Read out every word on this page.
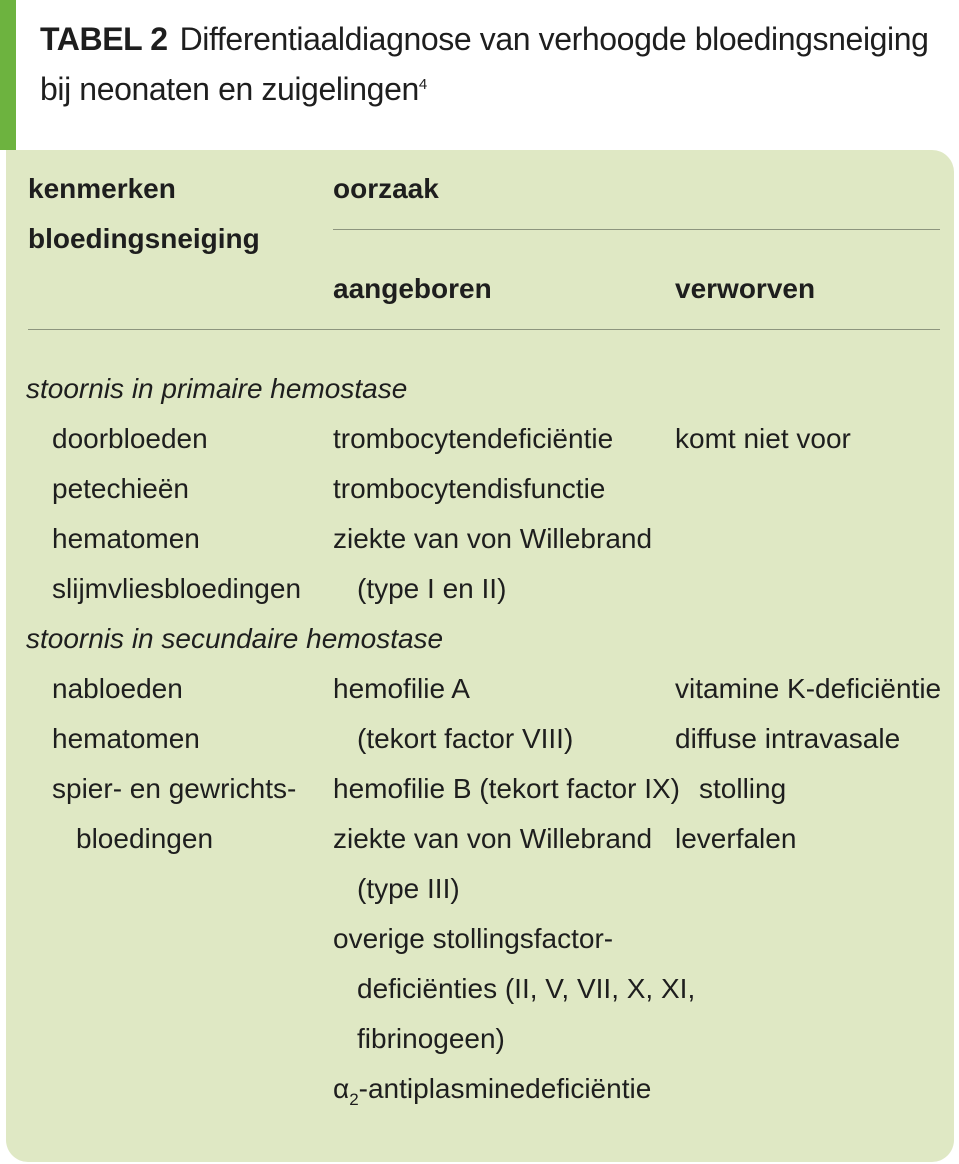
TABEL 2 Differentiaaldiagnose van verhoogde bloedingsneiging bij neonaten en zuigelingen$^4$
kenmerken
bloedingsneiging
oorzaak
aangeboren	verworven
stoornis in primaire hemostase
doorbloeden
petechieën
hematomen
slijmvliesbloedingen
trombocytendeficiëntie
trombocytendisfunctie
ziekte van von Willebrand
(type I en II)
komt niet voor
stoornis in secundaire hemostase
nabloeden
hematomen
spier- en gewrichts-
bloedingen
hemofilie A
(tekort factor VIII)
hemofilie B (tekort factor IX)
ziekte van von Willebrand
(type III)
overige stollingsfactor-
deficiënties (II, V, VII, X, XI,
fibrinogeen)
$\alpha_2$-antiplasminedeficiëntie
vitamine K-deficiëntie
diffuse intravasale
stolling
leverfalen
